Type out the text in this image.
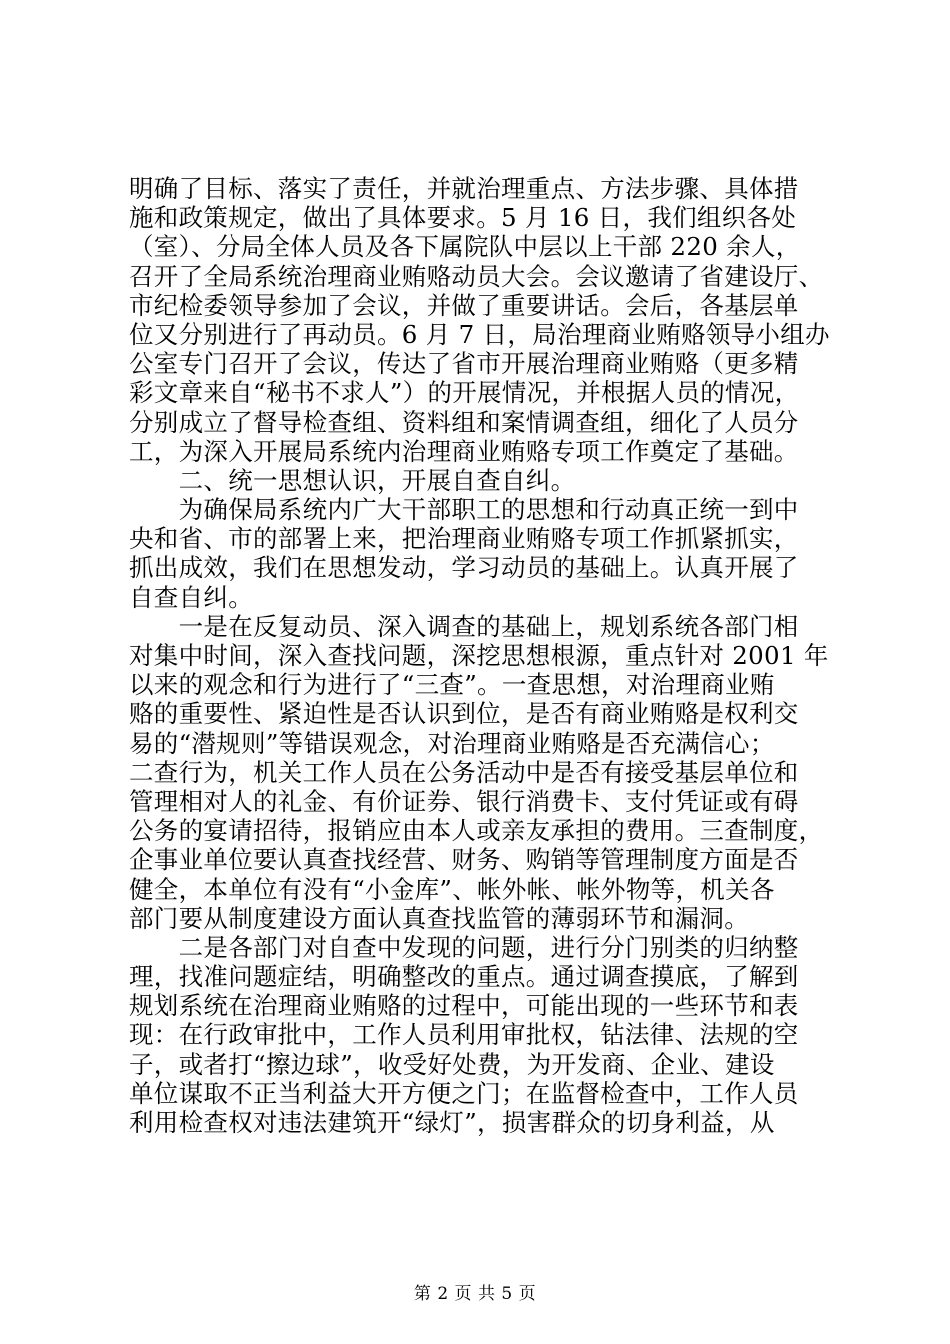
明确了目标、落实了责任，并就治理重点、方法步骤、具体措
施和政策规定，做出了具体要求。5 月 16 日，我们组织各处
（室）、分局全体人员及各下属院队中层以上干部 220 余人，
召开了全局系统治理商业贿赂动员大会。会议邀请了省建设厅、
市纪检委领导参加了会议，并做了重要讲话。会后，各基层单
位又分别进行了再动员。6 月 7 日，局治理商业贿赂领导小组办
公室专门召开了会议，传达了省市开展治理商业贿赂（更多精
彩文章来自“秘书不求人”）的开展情况，并根据人员的情况，
分别成立了督导检查组、资料组和案情调查组，细化了人员分
工，为深入开展局系统内治理商业贿赂专项工作奠定了基础。
　　二、统一思想认识，开展自查自纠。
　　为确保局系统内广大干部职工的思想和行动真正统一到中
央和省、市的部署上来，把治理商业贿赂专项工作抓紧抓实，
抓出成效，我们在思想发动，学习动员的基础上。认真开展了
自查自纠。
　　一是在反复动员、深入调查的基础上，规划系统各部门相
对集中时间，深入查找问题，深挖思想根源，重点针对 2001 年
以来的观念和行为进行了“三查”。一查思想，对治理商业贿
赂的重要性、紧迫性是否认识到位，是否有商业贿赂是权利交
易的“潜规则”等错误观念，对治理商业贿赂是否充满信心；
二查行为，机关工作人员在公务活动中是否有接受基层单位和
管理相对人的礼金、有价证券、银行消费卡、支付凭证或有碍
公务的宴请招待，报销应由本人或亲友承担的费用。三查制度，
企事业单位要认真查找经营、财务、购销等管理制度方面是否
健全，本单位有没有“小金库”、帐外帐、帐外物等，机关各
部门要从制度建设方面认真查找监管的薄弱环节和漏洞。
　　二是各部门对自查中发现的问题，进行分门别类的归纳整
理，找准问题症结，明确整改的重点。通过调查摸底，了解到
规划系统在治理商业贿赂的过程中，可能出现的一些环节和表
现：在行政审批中，工作人员利用审批权，钻法律、法规的空
子，或者打“擦边球”，收受好处费，为开发商、企业、建设
单位谋取不正当利益大开方便之门；在监督检查中，工作人员
利用检查权对违法建筑开“绿灯”，损害群众的切身利益，从
第 2 页 共 5 页
